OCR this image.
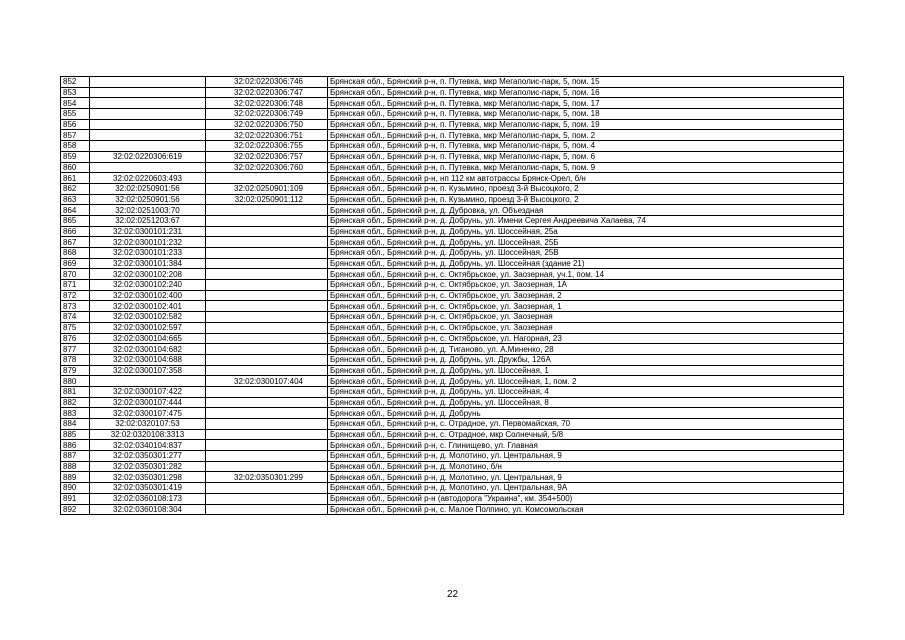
852		32:02:0220306:746	Брянская обл., Брянский р-н, п. Путевка, мкр Мегаполис-парк, 5, пом. 15
853		32:02:0220306:747	Брянская обл., Брянский р-н, п. Путевка, мкр Мегаполис-парк, 5, пом. 16
854		32:02:0220306:748	Брянская обл., Брянский р-н, п. Путевка, мкр Мегаполис-парк, 5, пом. 17
855		32:02:0220306:749	Брянская обл., Брянский р-н, п. Путевка, мкр Мегаполис-парк, 5, пом. 18
856		32:02:0220306:750	Брянская обл., Брянский р-н, п. Путевка, мкр Мегаполис-парк, 5, пом. 19
857		32:02:0220306:751	Брянская обл., Брянский р-н, п. Путевка, мкр Мегаполис-парк, 5, пом. 2
858		32:02:0220306:755	Брянская обл., Брянский р-н, п. Путевка, мкр Мегаполис-парк, 5, пом. 4
859	32:02:0220306:619	32:02:0220306:757	Брянская обл., Брянский р-н, п. Путевка, мкр Мегаполис-парк, 5, пом. 6
860		32:02:0220306:760	Брянская обл., Брянский р-н, п. Путевка, мкр Мегаполис-парк, 5, пом. 9
861	32:02:0220603:493		Брянская обл., Брянский р-н, нп 112 км автотрассы Брянск-Орел, б/н
862	32:02:0250901:56	32:02:0250901:109	Брянская обл., Брянский р-н, п. Кузьмино, проезд 3-й Высоцкого, 2
863	32:02:0250901:56	32:02:0250901:112	Брянская обл., Брянский р-н, п. Кузьмино, проезд 3-й Высоцкого, 2
864	32:02:0251003:70		Брянская обл., Брянский р-н, д. Дубровка, ул. Объездная
865	32:02:0251203:67		Брянская обл., Брянский р-н, д. Добрунь, ул. Имени Сергея Андреевича Халаева, 74
866	32:02:0300101:231		Брянская обл., Брянский р-н, д. Добрунь, ул. Шоссейная, 25а
867	32:02:0300101:232		Брянская обл., Брянский р-н, д. Добрунь, ул. Шоссейная, 25Б
868	32:02:0300101:233		Брянская обл., Брянский р-н, д. Добрунь, ул. Шоссейная, 25В
869	32:02:0300101:384		Брянская обл., Брянский р-н, д. Добрунь, ул. Шоссейная (здание 21)
870	32:02:0300102:208		Брянская обл., Брянский р-н, с. Октябрьское, ул. Заозерная, уч.1, пом. 14
871	32:02:0300102:240		Брянская обл., Брянский р-н, с. Октябрьское, ул. Заозерная, 1А
872	32:02:0300102:400		Брянская обл., Брянский р-н, с. Октябрьское, ул. Заозерная, 2
873	32:02:0300102:401		Брянская обл., Брянский р-н, с. Октябрьское, ул. Заозерная, 1
874	32:02:0300102:582		Брянская обл., Брянский р-н, с. Октябрьское, ул. Заозерная
875	32:02:0300102:597		Брянская обл., Брянский р-н, с. Октябрьское, ул. Заозерная
876	32:02:0300104:665		Брянская обл., Брянский р-н, с. Октябрьское, ул. Нагорная, 23
877	32:02:0300104:682		Брянская обл., Брянский р-н, д. Тиганово, ул. А.Миненко, 28
878	32:02:0300104:688		Брянская обл., Брянский р-н, д. Добрунь, ул. Дружбы, 126А
879	32:02:0300107:358		Брянская обл., Брянский р-н, д. Добрунь, ул. Шоссейная, 1
880		32:02:0300107:404	Брянская обл., Брянский р-н, д. Добрунь, ул. Шоссейная, 1, пом. 2
881	32:02:0300107:422		Брянская обл., Брянский р-н, д. Добрунь, ул. Шоссейная, 4
882	32:02:0300107:444		Брянская обл., Брянский р-н, д. Добрунь, ул. Шоссейная, 8
883	32:02:0300107:475		Брянская обл., Брянский р-н, д. Добрунь
884	32:02:0320107:53		Брянская обл., Брянский р-н, с. Отрадное, ул. Первомайская, 70
885	32:02:0320108:3313		Брянская обл., Брянский р-н, с. Отрадное, мкр Солнечный, 5/8
886	32:02:0340104:837		Брянская обл., Брянский р-н, с. Глинищево, ул. Главная
887	32:02:0350301:277		Брянская обл., Брянский р-н, д. Молотино, ул. Центральная, 9
888	32:02:0350301:282		Брянская обл., Брянский р-н, д. Молотино, б/н
889	32:02:0350301:298	32:02:0350301:299	Брянская обл., Брянский р-н, д. Молотино, ул. Центральная, 9
890	32:02:0350301:419		Брянская обл., Брянский р-н, д. Молотино, ул. Центральная, 9А
891	32:02:0360108:173		Брянская обл., Брянский р-н (автодорога "Украина", км. 354+500)
892	32:02:0360108:304		Брянская обл., Брянский р-н, с. Малое Полпино, ул. Комсомольская
22
